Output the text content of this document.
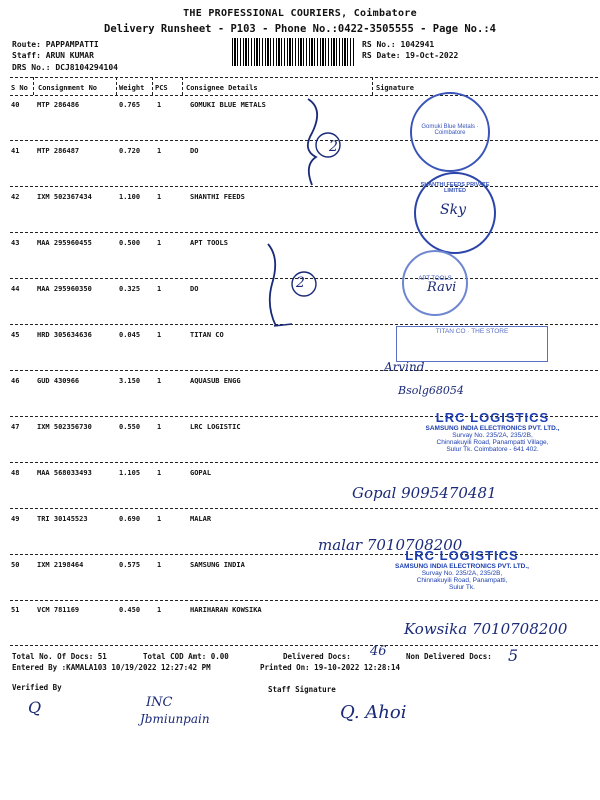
THE PROFESSIONAL COURIERS, Coimbatore
Delivery Runsheet - P103 - Phone No.:0422-3505555 - Page No.:4
Route: PAPPAMPATTI
Staff: ARUN KUMAR
DRS No.: DCJ8104294104
RS No.: 1042941
RS Date: 19-Oct-2022
S No Consignment No	Weight PCS	Consignee Details	Signature
40	MTP 286486	0.765 1	GOMUKI BLUE METALS
41	MTP 286487	0.720 1	DO
42	IXM 502367434	1.100 1	SHANTHI FEEDS
43	MAA 295960455	0.500 1	APT TOOLS
44	MAA 295960350	0.325 1	DO
45	HRD 305634636	0.045 1	TITAN CO
46	GUD 430966	3.150 1	AQUASUB ENGG
47	IXM 502356730	0.550 1	LRC LOGISTIC
48	MAA 568033493	1.105 1	GOPAL
49	TRI 30145523	0.690 1	MALAR
50	IXM 2198464	0.575 1	SAMSUNG INDIA
51	VCM 781169	0.450 1	HARIHARAN KOWSIKA
Total No. Of Docs: 51	Total COD Amt: 0.00	Delivered Docs:	Non Delivered Docs:
Entered By :KAMALA103 10/19/2022 12:27:42 PM	Printed On: 19-10-2022 12:28:14
Verified By	Staff Signature
2
2
Gomuki Blue Metals · Coimbatore
SHANTHI FEEDS PRIVATE LIMITED
Sky
APT TOOLS
Ravi
TITAN CO · THE STORE
Arvind
Bsolg68054
LRC LOGISTICS
SAMSUNG INDIA ELECTRONICS PVT. LTD.,
Survay No. 235/2A, 235/2B,
Chinnakuyili Road, Panampatti Village,
Sulur Tk. Coimbatore - 641 402.
Gopal 9095470481
malar 7010708200
LRC LOGISTICS
SAMSUNG INDIA ELECTRONICS PVT. LTD.,
Survay No. 235/2A, 235/2B,
Chinnakuyili Road, Panampatti,
Sulur Tk.
Kowsika 7010708200
46	5
Q	INC
Jbmiunpain	Q. Ahoi
